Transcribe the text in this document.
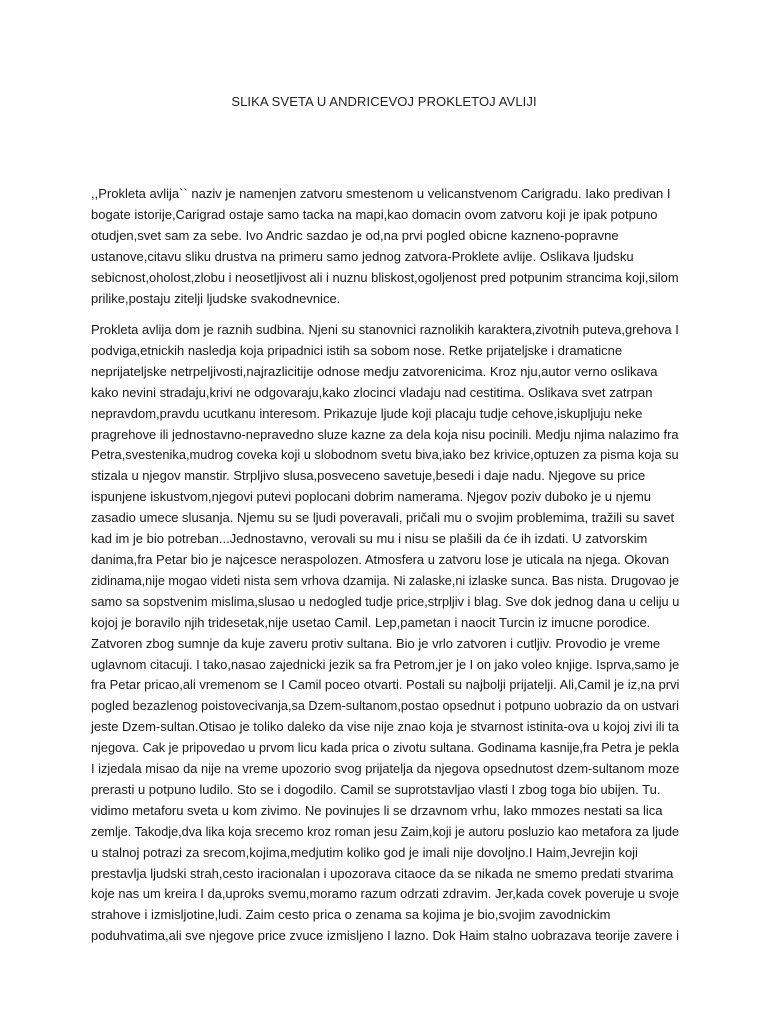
SLIKA SVETA U ANDRICEVOJ PROKLETOJ AVLIJI
,,Prokleta avlija`` naziv je namenjen zatvoru smestenom u velicanstvenom Carigradu. Iako predivan I
bogate istorije,Carigrad ostaje samo tacka na mapi,kao domacin ovom zatvoru koji je ipak potpuno
otudjen,svet sam za sebe. Ivo Andric sazdao je od,na prvi pogled obicne kazneno-popravne
ustanove,citavu sliku drustva na primeru samo jednog zatvora-Proklete avlije. Oslikava ljudsku
sebicnost,oholost,zlobu i neosetljivost ali i nuznu bliskost,ogoljenost pred potpunim strancima koji,silom
prilike,postaju zitelji ljudske svakodnevnice.
Prokleta avlija dom je raznih sudbina. Njeni su stanovnici raznolikih karaktera,zivotnih puteva,grehova I
podviga,etnickih nasledja koja pripadnici istih sa sobom nose. Retke prijateljske i dramaticne
neprijateljske netrpeljivosti,najrazlicitije odnose medju zatvorenicima. Kroz nju,autor verno oslikava
kako nevini stradaju,krivi ne odgovaraju,kako zlocinci vladaju nad cestitima. Oslikava svet zatrpan
nepravdom,pravdu ucutkanu interesom. Prikazuje ljude koji placaju tudje cehove,iskupljuju neke
pragrehove ili jednostavno-nepravedno sluze kazne za dela koja nisu pocinili. Medju njima nalazimo fra
Petra,svestenika,mudrog coveka koji u slobodnom svetu biva,iako bez krivice,optuzen za pisma koja su
stizala u njegov manstir. Strpljivo slusa,posveceno savetuje,besedi i daje nadu. Njegove su price
ispunjene iskustvom,njegovi putevi poplocani dobrim namerama. Njegov poziv duboko je u njemu
zasadio umece slusanja. Njemu su se ljudi poveravali, pričali mu o svojim problemima, tražili su savet
kad im je bio potreban...Jednostavno, verovali su mu i nisu se plašili da će ih izdati. U zatvorskim
danima,fra Petar bio je najcesce neraspolozen. Atmosfera u zatvoru lose je uticala na njega. Okovan
zidinama,nije mogao videti nista sem vrhova dzamija. Ni zalaske,ni izlaske sunca. Bas nista. Drugovao je
samo sa sopstvenim mislima,slusao u nedogled tudje price,strpljiv i blag. Sve dok jednog dana u celiju u
kojoj je boravilo njih tridesetak,nije usetao Camil. Lep,pametan i naocit Turcin iz imucne porodice.
Zatvoren zbog sumnje da kuje zaveru protiv sultana. Bio je vrlo zatvoren i cutljiv. Provodio je vreme
uglavnom citacuji. I tako,nasao zajednicki jezik sa fra Petrom,jer je I on jako voleo knjige. Isprva,samo je
fra Petar pricao,ali vremenom se I Camil poceo otvarti. Postali su najbolji prijatelji. Ali,Camil je iz,na prvi
pogled bezazlenog poistovecivanja,sa Dzem-sultanom,postao opsednut i potpuno uobrazio da on ustvari
jeste Dzem-sultan.Otisao je toliko daleko da vise nije znao koja je stvarnost istinita-ova u kojoj zivi ili ta
njegova. Cak je pripovedao u prvom licu kada prica o zivotu sultana. Godinama kasnije,fra Petra je pekla
I izjedala misao da nije na vreme upozorio svog prijatelja da njegova opsednutost dzem-sultanom moze
prerasti u potpuno ludilo. Sto se i dogodilo. Camil se suprotstavljao vlasti I zbog toga bio ubijen. Tu.
vidimo metaforu sveta u kom zivimo. Ne povinujes li se drzavnom vrhu, lako mmozes nestati sa lica
zemlje. Takodje,dva lika koja srecemo kroz roman jesu Zaim,koji je autoru posluzio kao metafora za ljude
u stalnoj potrazi za srecom,kojima,medjutim koliko god je imali nije dovoljno.I Haim,Jevrejin koji
prestavlja ljudski strah,cesto iracionalan i upozorava citaoce da se nikada ne smemo predati stvarima
koje nas um kreira I da,uproks svemu,moramo razum odrzati zdravim. Jer,kada covek poveruje u svoje
strahove i izmisljotine,ludi. Zaim cesto prica o zenama sa kojima je bio,svojim zavodnickim
poduhvatima,ali sve njegove price zvuce izmisljeno I lazno. Dok Haim stalno uobrazava teorije zavere i
